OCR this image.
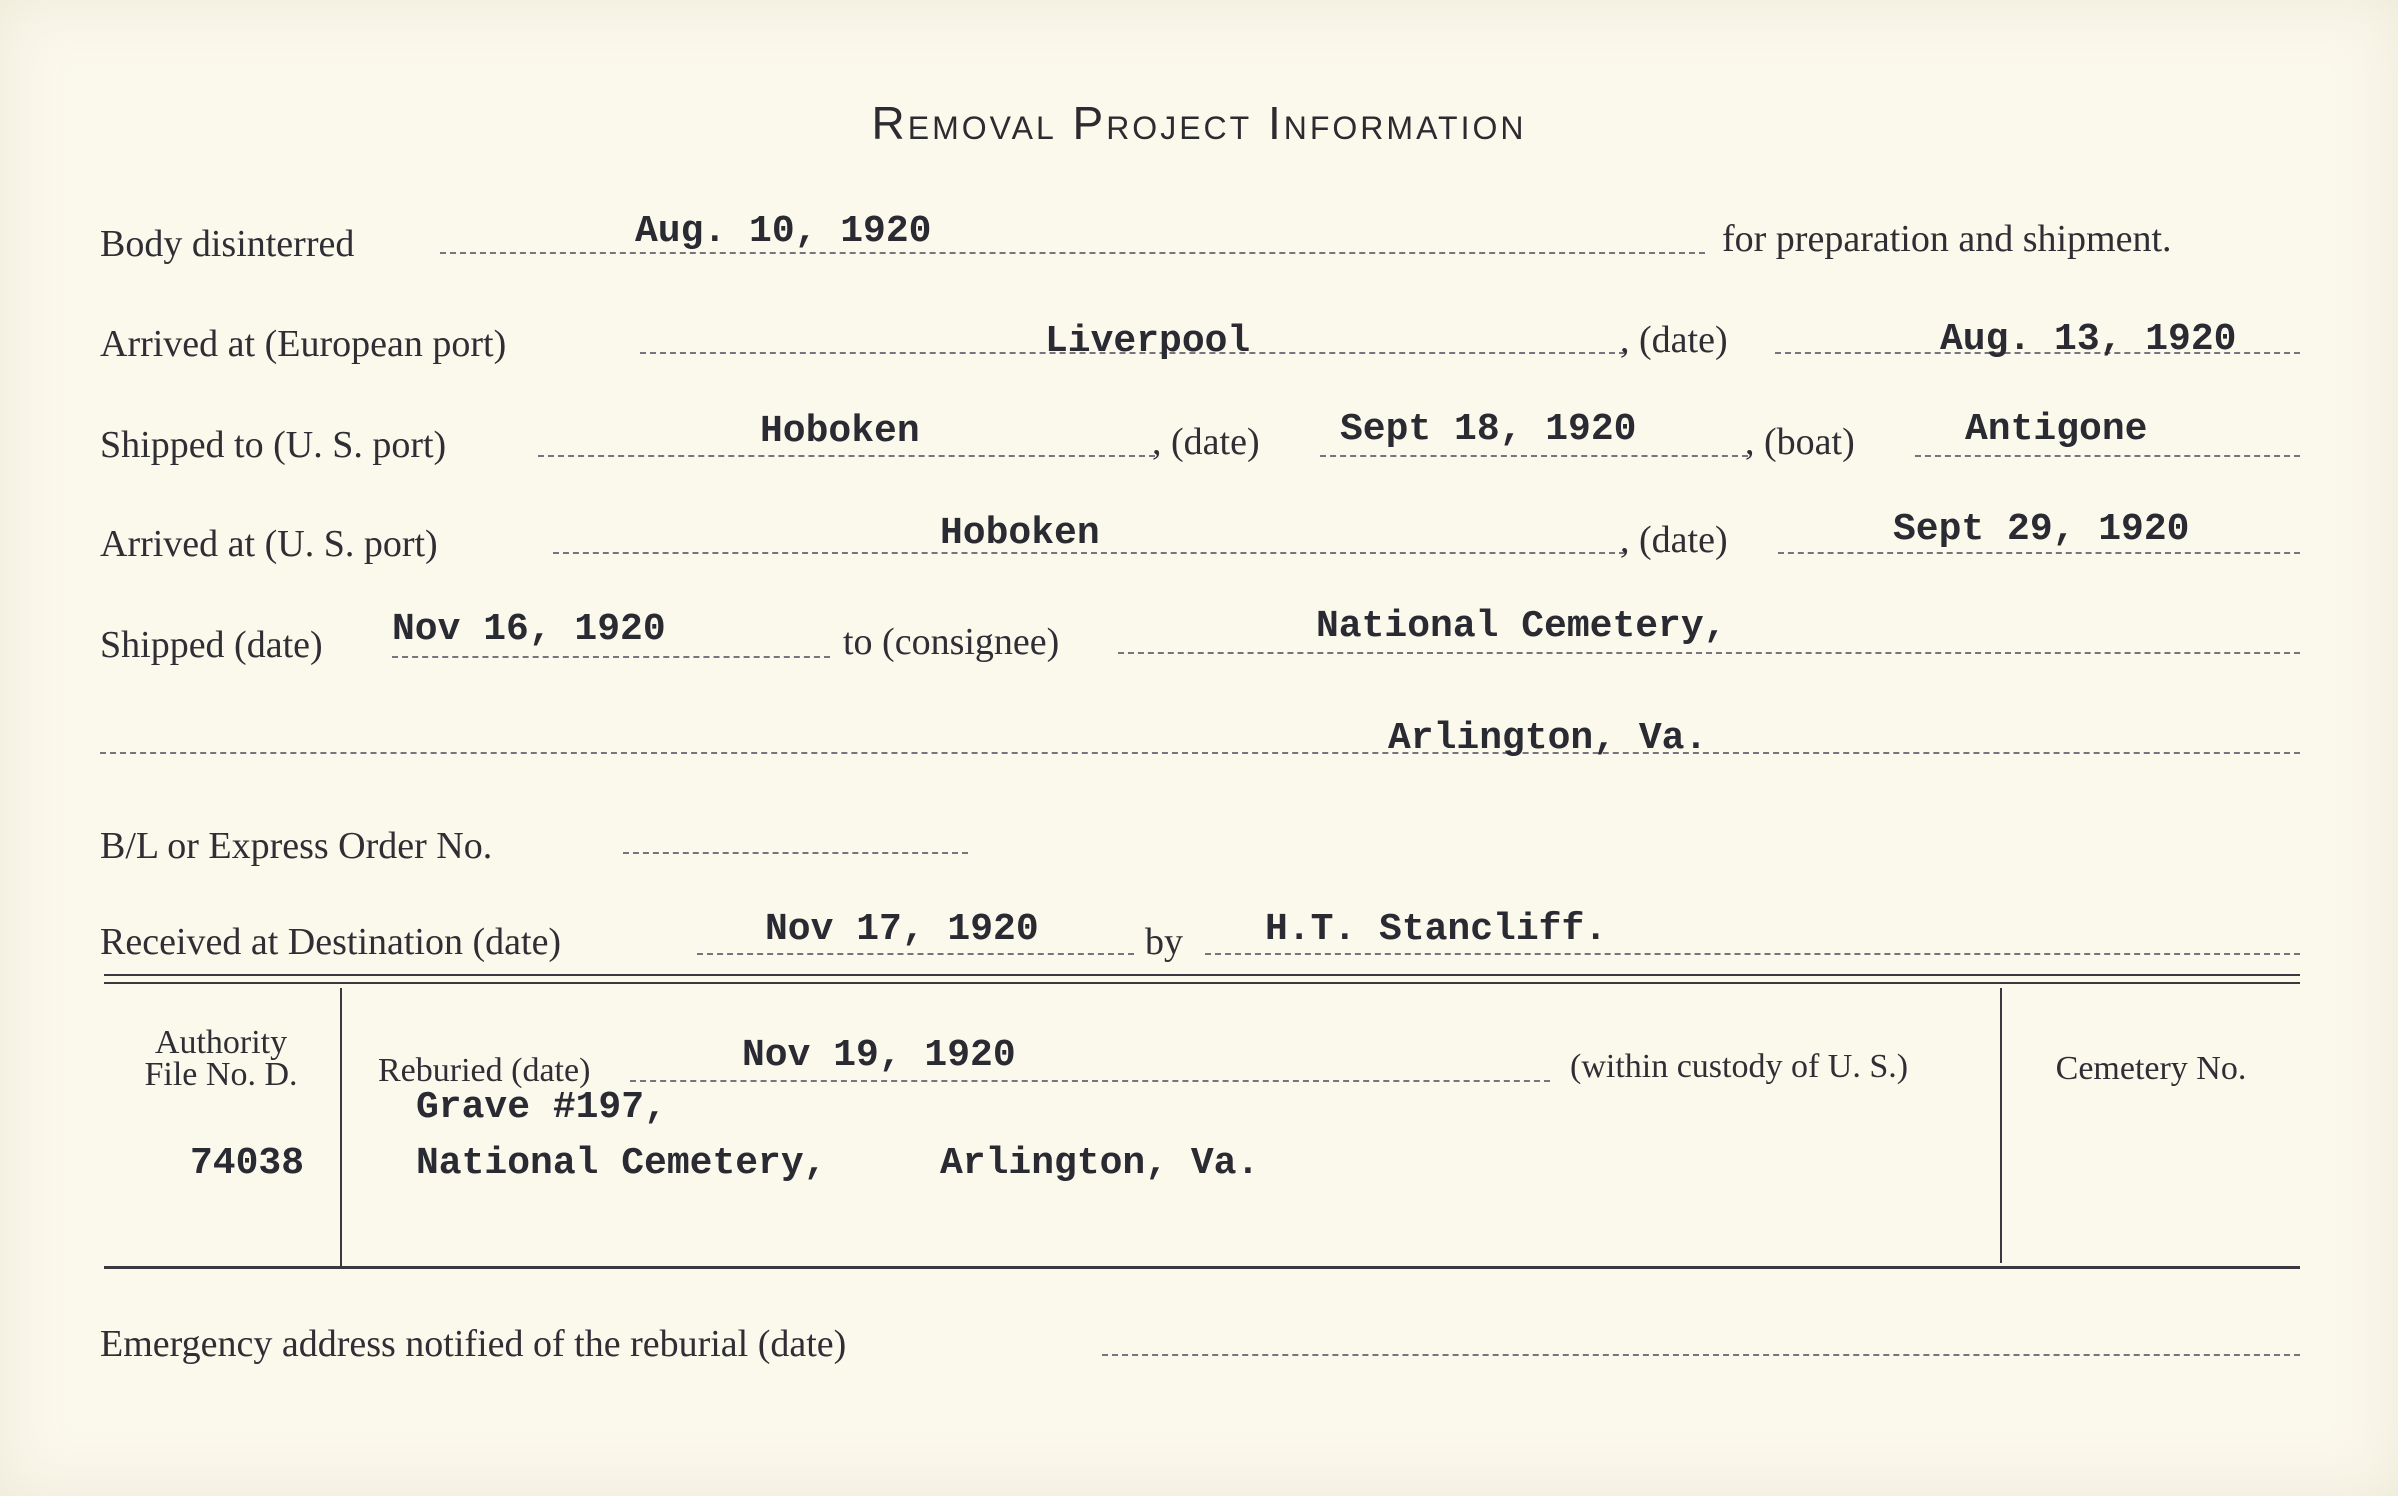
Removal Project Information
Body disinterred	Aug. 10, 1920	for preparation and shipment.
Arrived at (European port)	Liverpool	, (date)	Aug. 13, 1920
Shipped to (U. S. port)	Hoboken	, (date) Sept 18, 1920	, (boat)	Antigone
Arrived at (U. S. port)	Hoboken	, (date)	Sept 29, 1920
Shipped (date) Nov 16, 1920	to (consignee)	National Cemetery,
Arlington, Va.
B/L or Express Order No.
Received at Destination (date)	Nov 17, 1920	by H.T. Stancliff.
Authority
File No. D.
74038
Reburied (date)	Nov 19, 1920	(within custody of U. S.)
Grave #197,
National Cemetery,	Arlington, Va.
Cemetery No.
Emergency address notified of the reburial (date)
